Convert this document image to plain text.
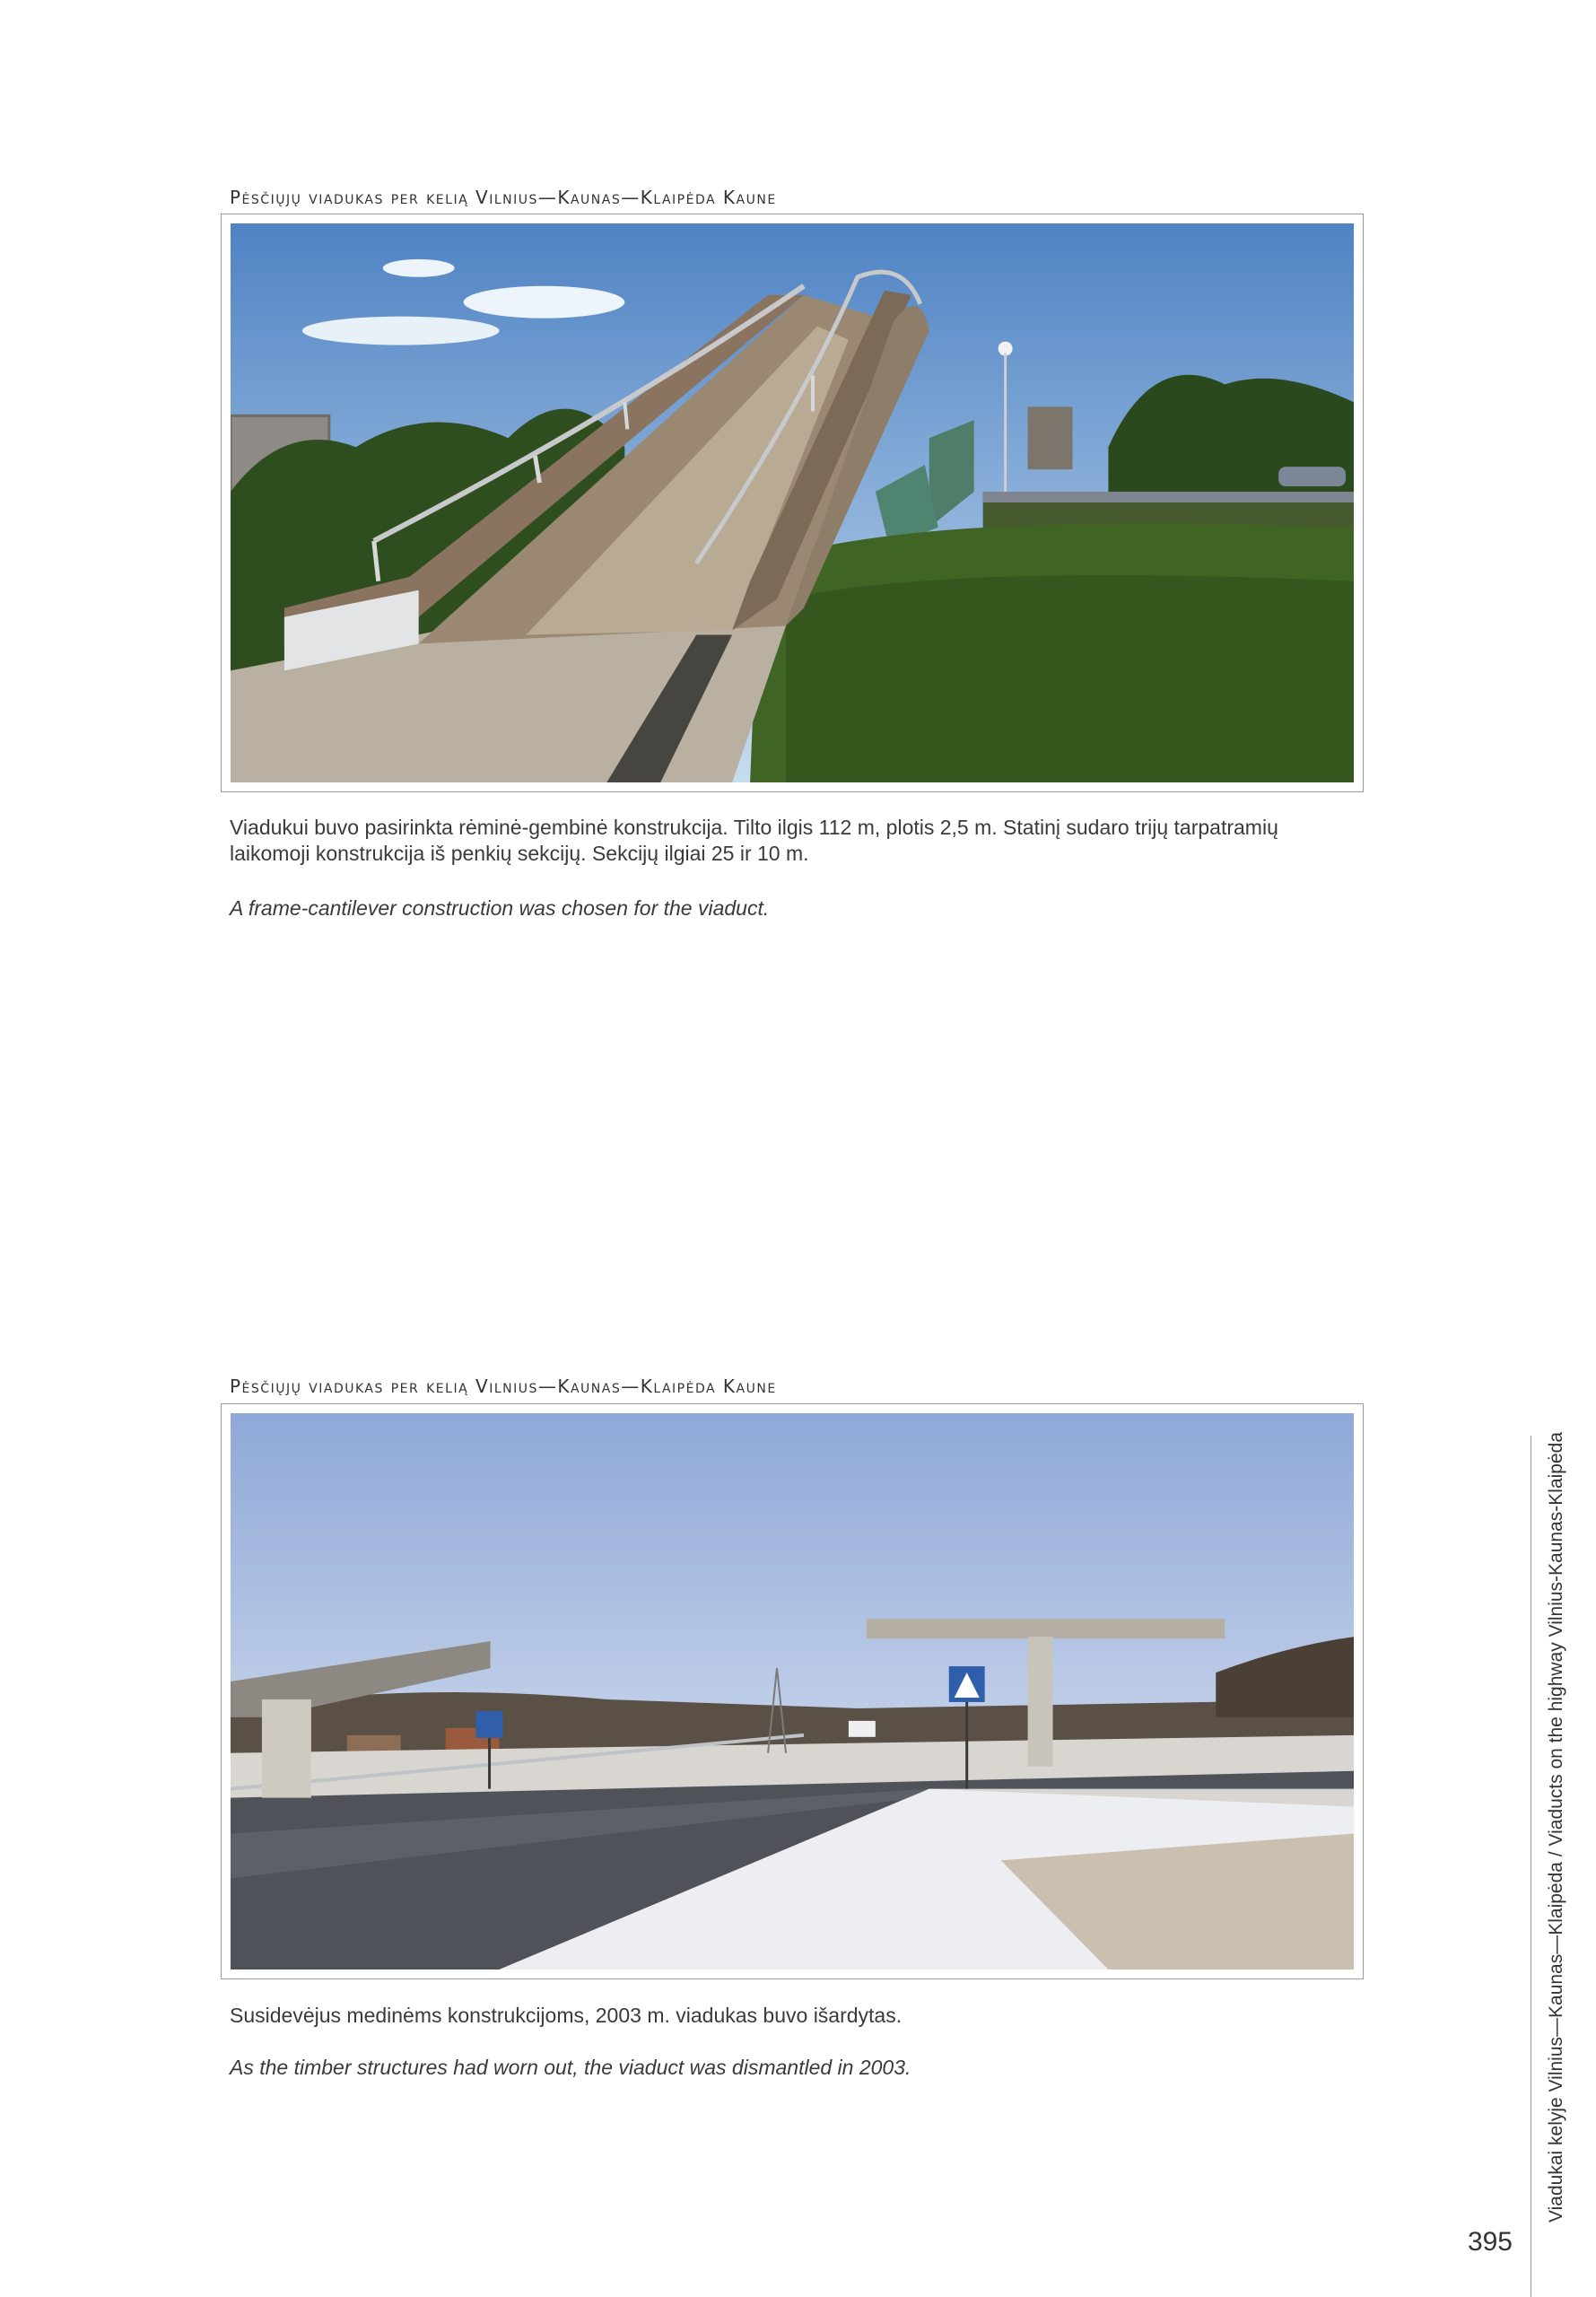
Pėsčiųjų viadukas per kelią Vilnius—Kaunas—Klaipėda Kaune
Viadukui buvo pasirinkta rėminė-gembinė konstrukcija. Tilto ilgis 112 m, plotis 2,5 m. Statinį sudaro trijų tarpatramių laikomoji konstrukcija iš penkių sekcijų. Sekcijų ilgiai 25 ir 10 m.
A frame-cantilever construction was chosen for the viaduct.
Pėsčiųjų viadukas per kelią Vilnius—Kaunas—Klaipėda Kaune
Susidevėjus medinėms konstrukcijoms, 2003 m. viadukas buvo išardytas.
As the timber structures had worn out, the viaduct was dismantled in 2003.	Viadukai kelyje Vilnius—Kaunas—Klaipėda / Viaducts on the highway Vilnius-Kaunas-Klaipėda
395
